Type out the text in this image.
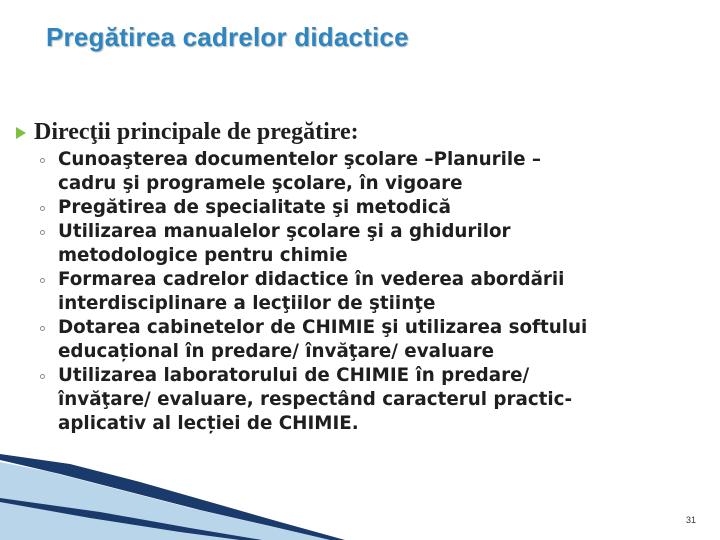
Pregătirea cadrelor didactice

Direcţii principale de pregătire:

Cunoaşterea documentelor şcolare –Planurile –
cadru şi programele şcolare, în vigoare
Pregătirea de specialitate şi metodică
Utilizarea manualelor şcolare şi a ghidurilor
metodologice pentru chimie
Formarea cadrelor didactice în vederea abordării
interdisciplinare a lecţiilor de ştiinţe
Dotarea cabinetelor de CHIMIE şi utilizarea softului
educațional în predare/ învăţare/ evaluare
Utilizarea laboratorului de CHIMIE în predare/
învăţare/ evaluare, respectând caracterul practic-
aplicativ al lecției de CHIMIE.
31
